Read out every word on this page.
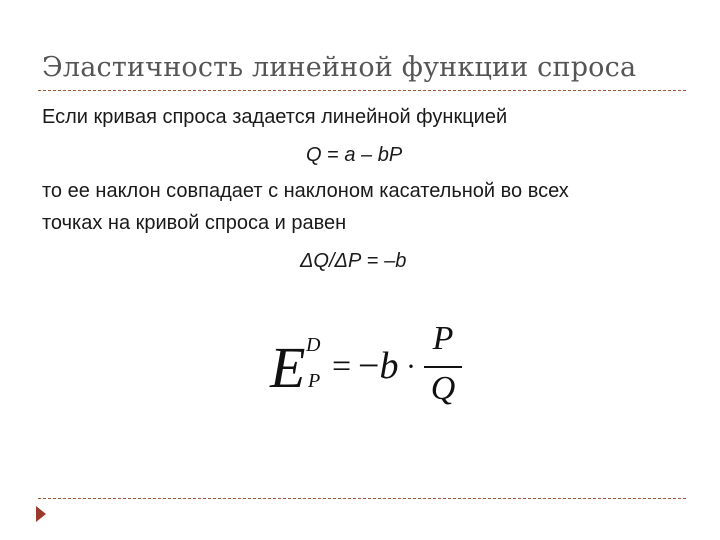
Эластичность линейной функции спроса
Если кривая спроса задается линейной функцией
Q = a – bP
то ее наклон совпадает с наклоном касательной во всех
точках на кривой спроса и равен
ΔQ/ΔP = –b
E D
P = −b ·
P
Q
